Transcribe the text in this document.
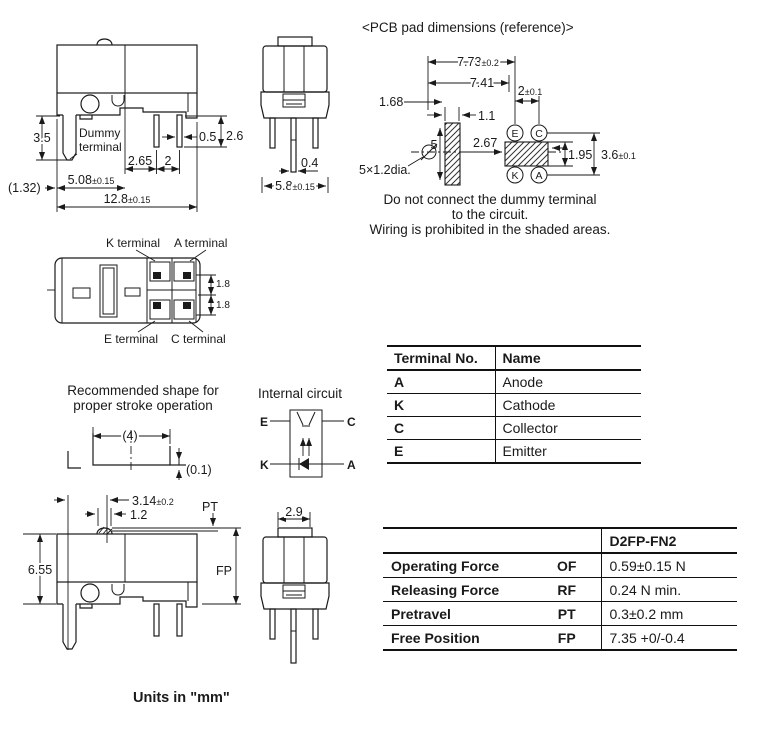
3.5 Dummy
terminal
0.5 2.6
2.65 2
5.08±0.15
12.8±0.15
(1.32)
0.4
5.8±0.15
7.73±0.2
7.41
2±0.1
1.68
1.1
5
5×1.2dia.
2.67
E C
K A
3.6±0.1
1.95
1.8
1.8
K terminal A terminal
E terminal C terminal
(4)
(0.1)
E	C
K	A
3.14±0.2
1.2
PT
FP
6.55
2.9
<PCB pad dimensions (reference)>
Do not connect the dummy terminal
to the circuit.
Wiring is prohibited in the shaded areas.
Recommended shape for
proper stroke operation
Internal circuit
Units in "mm"
Terminal No.	Name
A	Anode
K	Cathode
C	Collector
E	Emitter
		D2FP-FN2
Operating Force	OF	0.59±0.15 N
Releasing Force	RF	0.24 N min.
Pretravel	PT	0.3±0.2 mm
Free Position	FP	7.35 +0/-0.4
